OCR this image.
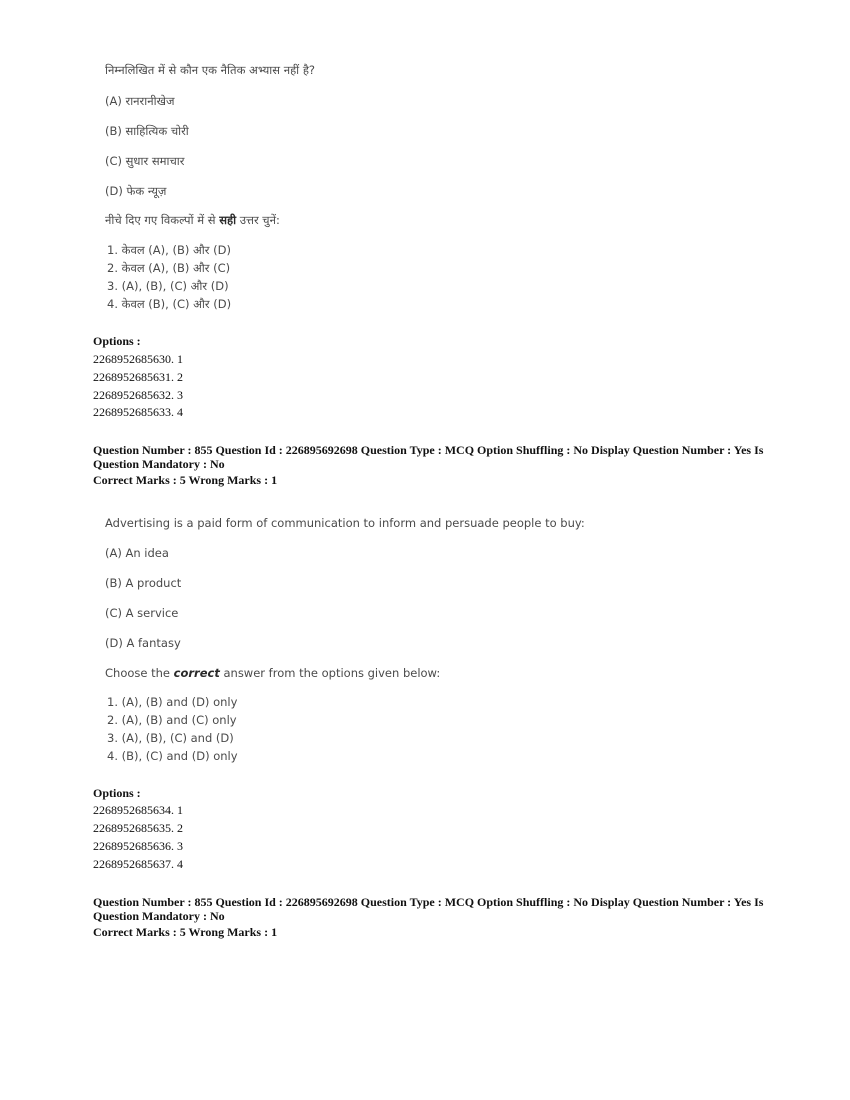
निम्नलिखित में से कौन एक नैतिक अभ्यास नहीं है?
(A) रानरानीखेज
(B) साहित्यिक चोरी
(C) सुधार समाचार
(D) फेक न्यूज़
नीचे दिए गए विकल्पों में से सही उत्तर चुनें:
1. केवल (A), (B) और (D)
2. केवल (A), (B) और (C)
3. (A), (B), (C) और (D)
4. केवल (B), (C) और (D)
Options :
2268952685630. 1
2268952685631. 2
2268952685632. 3
2268952685633. 4
Question Number : 855 Question Id : 226895692698 Question Type : MCQ Option Shuffling : No Display Question Number : Yes Is
Question Mandatory : No
Correct Marks : 5 Wrong Marks : 1
Advertising is a paid form of communication to inform and persuade people to buy:
(A) An idea
(B) A product
(C) A service
(D) A fantasy
Choose the correct answer from the options given below:
1. (A), (B) and (D) only
2. (A), (B) and (C) only
3. (A), (B), (C) and (D)
4. (B), (C) and (D) only
Options :
2268952685634. 1
2268952685635. 2
2268952685636. 3
2268952685637. 4
Question Number : 855 Question Id : 226895692698 Question Type : MCQ Option Shuffling : No Display Question Number : Yes Is
Question Mandatory : No
Correct Marks : 5 Wrong Marks : 1
